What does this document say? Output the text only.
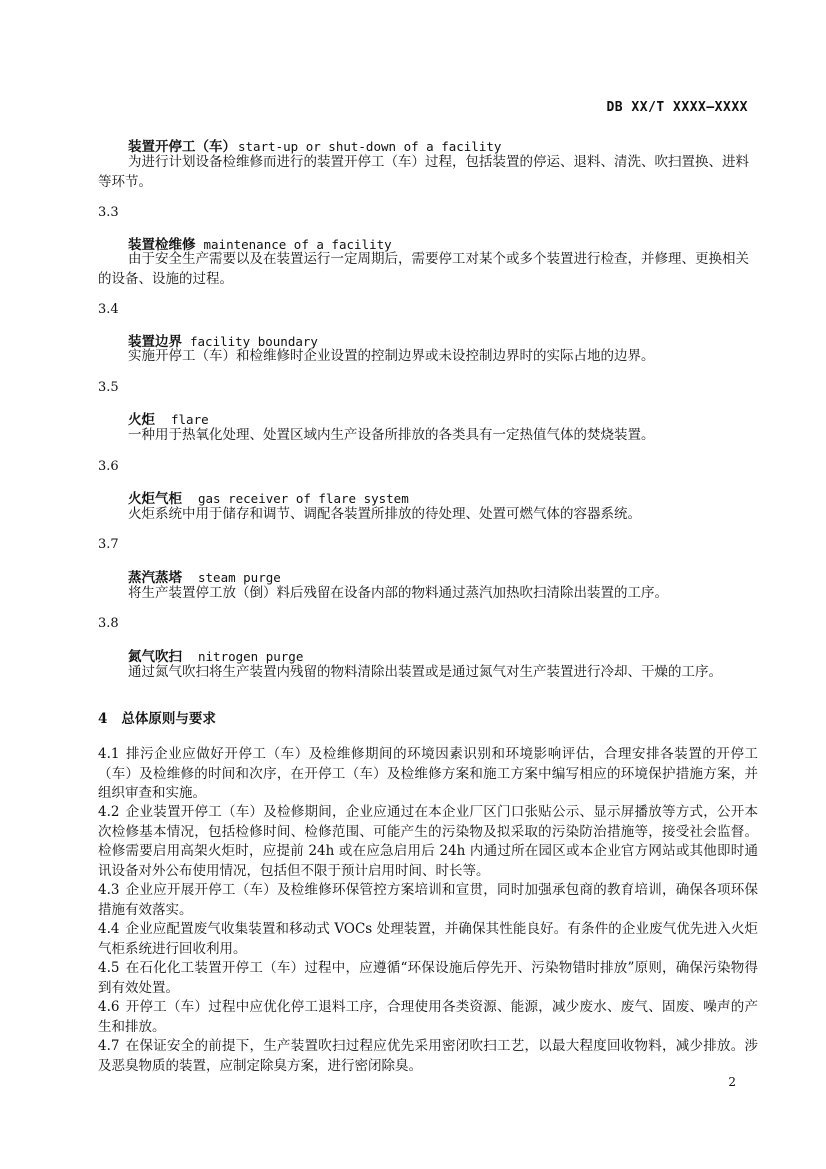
DB XX/T XXXX—XXXX
装置开停工（车） start-up or shut-down of a facility
为进行计划设备检维修而进行的装置开停工（车）过程，包括装置的停运、退料、清洗、吹扫置换、进料等环节。
3.3
装置检维修 maintenance of a facility
由于安全生产需要以及在装置运行一定周期后，需要停工对某个或多个装置进行检查，并修理、更换相关的设备、设施的过程。
3.4
装置边界 facility boundary
实施开停工（车）和检维修时企业设置的控制边界或未设控制边界时的实际占地的边界。
3.5
火炬 flare
一种用于热氧化处理、处置区域内生产设备所排放的各类具有一定热值气体的焚烧装置。
3.6
火炬气柜 gas receiver of flare system
火炬系统中用于储存和调节、调配各装置所排放的待处理、处置可燃气体的容器系统。
3.7
蒸汽蒸塔 steam purge
将生产装置停工放（倒）料后残留在设备内部的物料通过蒸汽加热吹扫清除出装置的工序。
3.8
氮气吹扫 nitrogen purge
通过氮气吹扫将生产装置内残留的物料清除出装置或是通过氮气对生产装置进行冷却、干燥的工序。
4 总体原则与要求
4.1 排污企业应做好开停工（车）及检维修期间的环境因素识别和环境影响评估，合理安排各装置的开停工（车）及检维修的时间和次序，在开停工（车）及检维修方案和施工方案中编写相应的环境保护措施方案，并组织审查和实施。
4.2 企业装置开停工（车）及检修期间，企业应通过在本企业厂区门口张贴公示、显示屏播放等方式，公开本次检修基本情况，包括检修时间、检修范围、可能产生的污染物及拟采取的污染防治措施等，接受社会监督。检修需要启用高架火炬时，应提前 24h 或在应急启用后 24h 内通过所在园区或本企业官方网站或其他即时通讯设备对外公布使用情况，包括但不限于预计启用时间、时长等。
4.3 企业应开展开停工（车）及检维修环保管控方案培训和宣贯，同时加强承包商的教育培训，确保各项环保措施有效落实。
4.4 企业应配置废气收集装置和移动式 VOCs 处理装置，并确保其性能良好。有条件的企业废气优先进入火炬气柜系统进行回收利用。
4.5 在石化化工装置开停工（车）过程中，应遵循“环保设施后停先开、污染物错时排放”原则，确保污染物得到有效处置。
4.6 开停工（车）过程中应优化停工退料工序，合理使用各类资源、能源，减少废水、废气、固废、噪声的产生和排放。
4.7 在保证安全的前提下，生产装置吹扫过程应优先采用密闭吹扫工艺，以最大程度回收物料，减少排放。涉及恶臭物质的装置，应制定除臭方案，进行密闭除臭。
2
